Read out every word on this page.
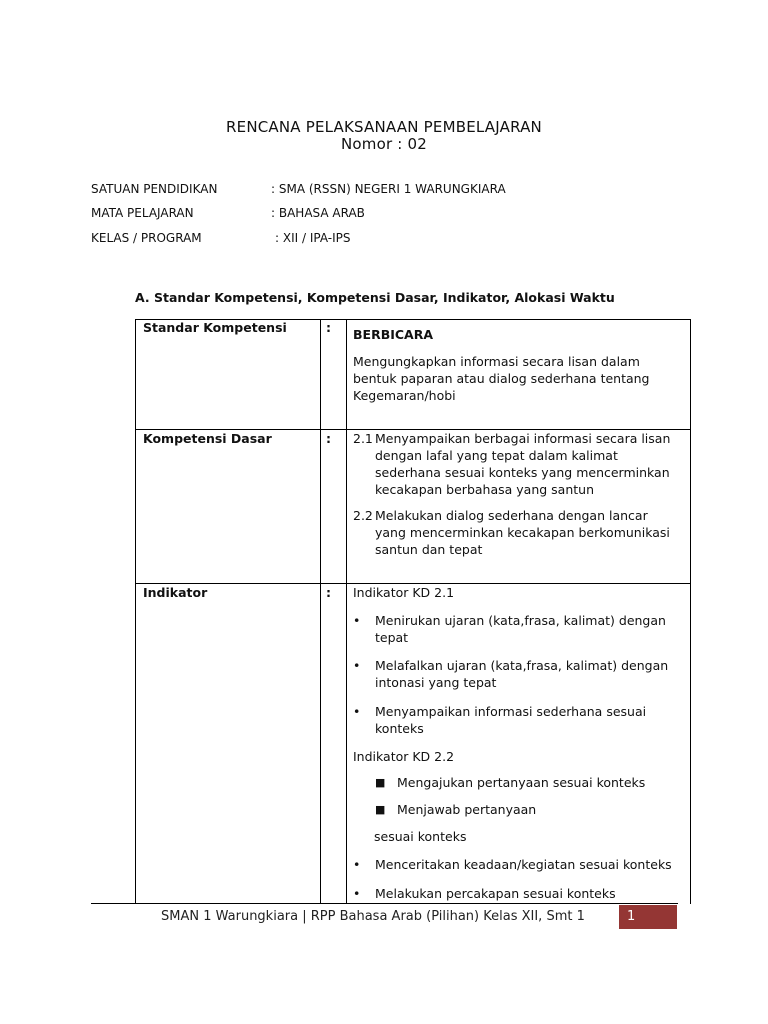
RENCANA PELAKSANAAN PEMBELAJARAN
Nomor : 02
SATUAN PENDIDIKAN	: SMA (RSSN) NEGERI 1 WARUNGKIARA
MATA PELAJARAN	: BAHASA ARAB
KELAS / PROGRAM	: XII / IPA-IPS
A. Standar Kompetensi, Kompetensi Dasar, Indikator, Alokasi Waktu
Standar Kompetensi	: BERBICARA
Mengungkapkan informasi secara lisan dalam
bentuk paparan atau dialog sederhana tentang
Kegemaran/hobi
Kompetensi Dasar	: 2.1 Menyampaikan berbagai informasi secara lisan
dengan lafal yang tepat dalam kalimat
sederhana sesuai konteks yang mencerminkan
kecakapan berbahasa yang santun
2.2 Melakukan dialog sederhana dengan lancar
yang mencerminkan kecakapan berkomunikasi
santun dan tepat
Indikator	: Indikator KD 2.1
• Menirukan ujaran (kata,frasa, kalimat) dengan
tepat
• Melafalkan ujaran (kata,frasa, kalimat) dengan
intonasi yang tepat
• Menyampaikan informasi sederhana sesuai
konteks
Indikator KD 2.2
■ Mengajukan pertanyaan sesuai konteks
■ Menjawab pertanyaan
sesuai konteks
• Menceritakan keadaan/kegiatan sesuai konteks
• Melakukan percakapan sesuai konteks
SMAN 1 Warungkiara | RPP Bahasa Arab (Pilihan) Kelas XII, Smt 1	1
